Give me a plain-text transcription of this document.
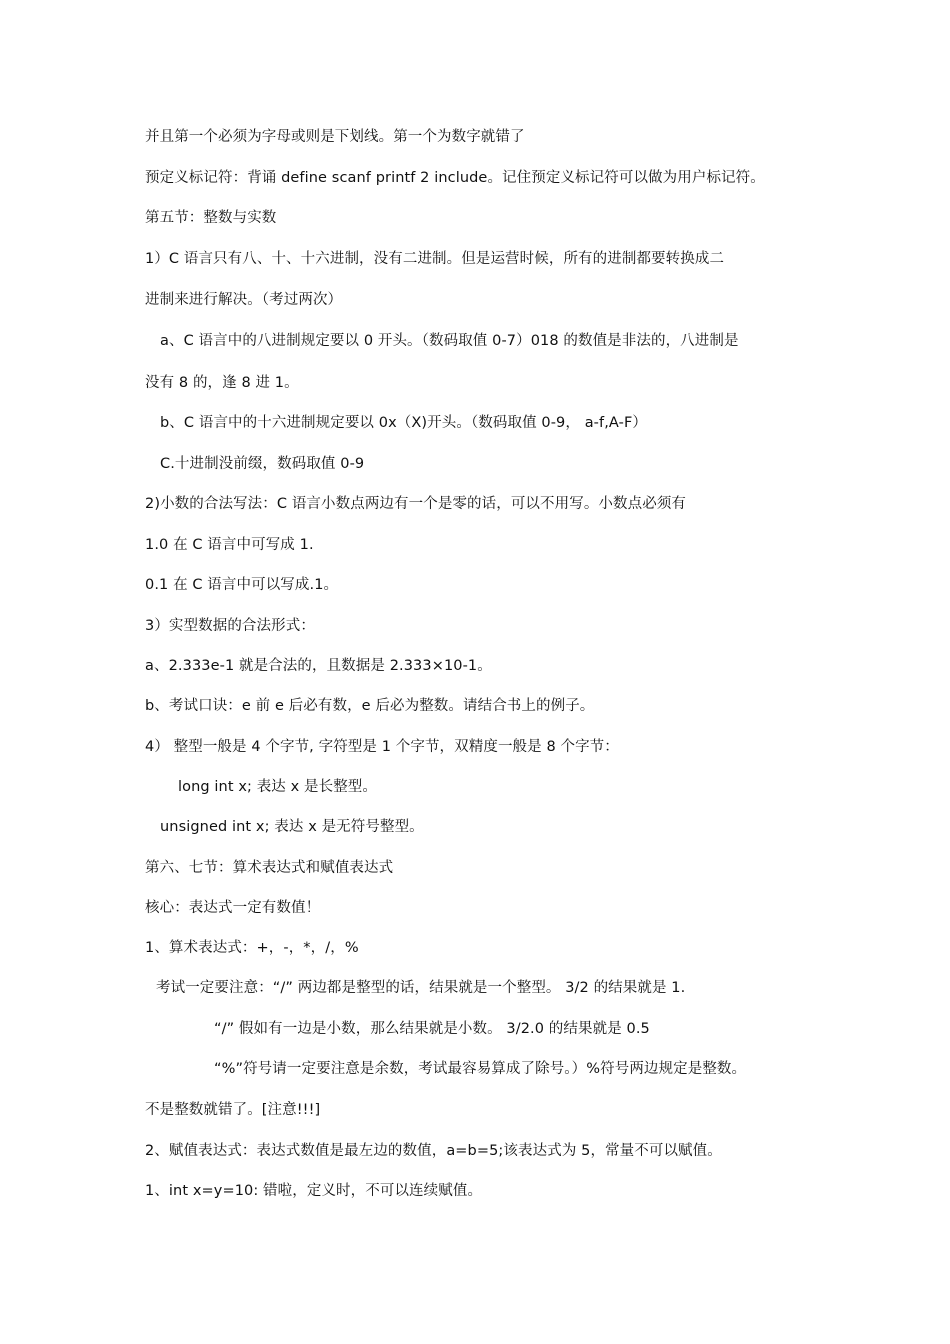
并且第一个必须为字母或则是下划线。第一个为数字就错了
预定义标记符：背诵 define scanf printf 2 include。记住预定义标记符可以做为用户标记符。
第五节：整数与实数
1）C 语言只有八、十、十六进制，没有二进制。但是运营时候，所有的进制都要转换成二
进制来进行解决。（考过两次）
a、C 语言中的八进制规定要以 0 开头。（数码取值 0-7）018 的数值是非法的，八进制是
没有 8 的，逢 8 进 1。
b、C 语言中的十六进制规定要以 0x（X)开头。（数码取值 0-9， a-f,A-F）
C.十进制没前缀，数码取值 0-9
2)小数的合法写法：C 语言小数点两边有一个是零的话，可以不用写。小数点必须有
1.0 在 C 语言中可写成 1.
0.1 在 C 语言中可以写成.1。
3）实型数据的合法形式：
a、2.333e-1 就是合法的，且数据是 2.333×10-1。
b、考试口诀：e 前 e 后必有数，e 后必为整数。请结合书上的例子。
4） 整型一般是 4 个字节, 字符型是 1 个字节，双精度一般是 8 个字节：
long int x; 表达 x 是长整型。
unsigned int x; 表达 x 是无符号整型。
第六、七节：算术表达式和赋值表达式
核心：表达式一定有数值！
1、算术表达式：+，-，*，/，%
考试一定要注意：“/” 两边都是整型的话，结果就是一个整型。 3/2 的结果就是 1.
“/” 假如有一边是小数，那么结果就是小数。 3/2.0 的结果就是 0.5
“%”符号请一定要注意是余数，考试最容易算成了除号。）%符号两边规定是整数。
不是整数就错了。[注意!!!]
2、赋值表达式：表达式数值是最左边的数值，a=b=5;该表达式为 5，常量不可以赋值。
1、int x=y=10: 错啦，定义时，不可以连续赋值。
